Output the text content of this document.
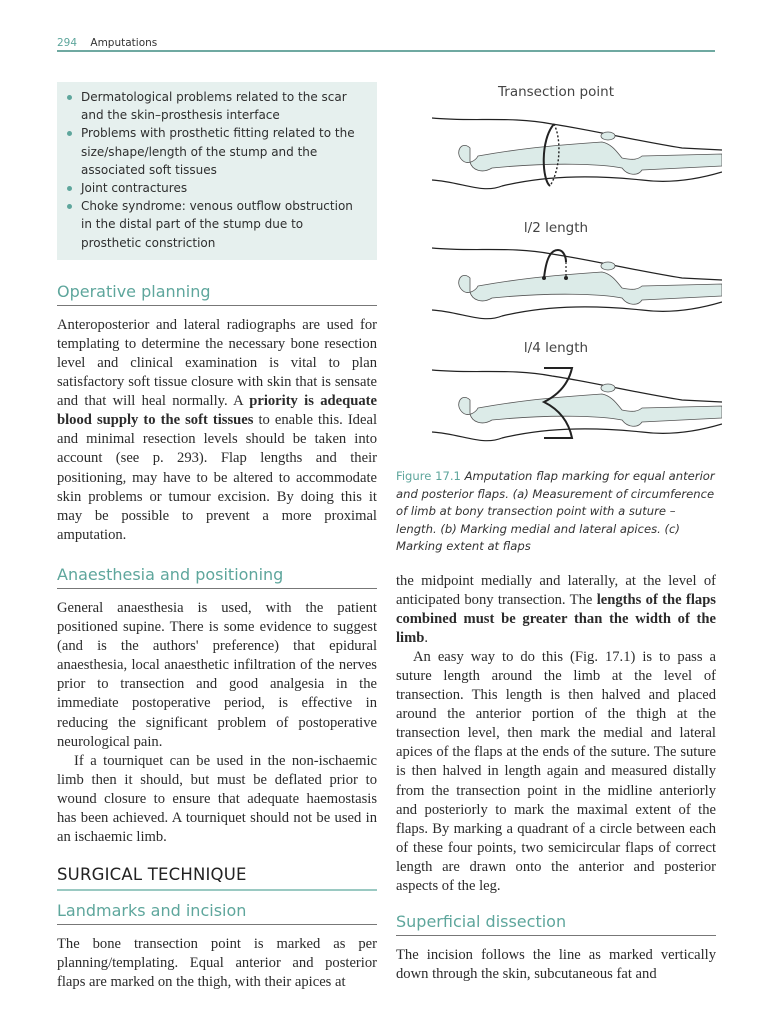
294 Amputations
Dermatological problems related to the scar and the skin–prosthesis interface
Problems with prosthetic fitting related to the size/shape/length of the stump and the associated soft tissues
Joint contractures
Choke syndrome: venous outflow obstruction in the distal part of the stump due to prosthetic constriction
Operative planning

Anteroposterior and lateral radiographs are used for templating to determine the necessary bone resection level and clinical examination is vital to plan satisfactory soft tissue closure with skin that is sensate and that will heal normally. A priority is adequate blood supply to the soft tissues to enable this. Ideal and minimal resection levels should be taken into account (see p. 293). Flap lengths and their positioning, may have to be altered to accommodate skin problems or tumour excision. By doing this it may be possible to prevent a more proximal amputation.

Anaesthesia and positioning

General anaesthesia is used, with the patient positioned supine. There is some evidence to suggest (and is the authors' preference) that epidural anaesthesia, local anaesthetic infiltration of the nerves prior to transection and good analgesia in the immediate postoperative period, is effective in reducing the significant problem of postoperative neurological pain.

If a tourniquet can be used in the non-ischaemic limb then it should, but must be deflated prior to wound closure to ensure that adequate haemostasis has been achieved. A tourniquet should not be used in an ischaemic limb.

SURGICAL TECHNIQUE
Landmarks and incision

The bone transection point is marked as per planning/templating. Equal anterior and posterior flaps are marked on the thigh, with their apices at

Transection point
l/2 length
l/4 length
Figure 17.1 Amputation flap marking for equal anterior and posterior flaps. (a) Measurement of circumference of limb at bony transection point with a suture – length. (b) Marking medial and lateral apices. (c) Marking extent at flaps

the midpoint medially and laterally, at the level of anticipated bony transection. The lengths of the flaps combined must be greater than the width of the limb.

An easy way to do this (Fig. 17.1) is to pass a suture length around the limb at the level of transection. This length is then halved and placed around the anterior portion of the thigh at the transection level, then mark the medial and lateral apices of the flaps at the ends of the suture. The suture is then halved in length again and measured distally from the transection point in the midline anteriorly and posteriorly to mark the maximal extent of the flaps. By marking a quadrant of a circle between each of these four points, two semicircular flaps of correct length are drawn onto the anterior and posterior aspects of the leg.

Superficial dissection

The incision follows the line as marked vertically down through the skin, subcutaneous fat and
